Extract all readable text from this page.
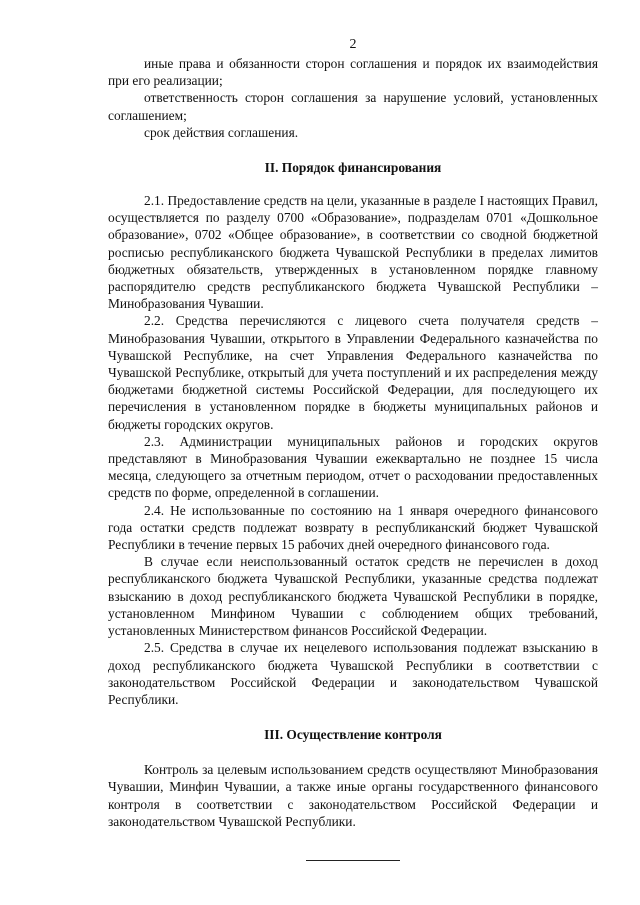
2

иные права и обязанности сторон соглашения и порядок их взаимодействия при его реализации;

ответственность сторон соглашения за нарушение условий, установленных соглашением;

срок действия соглашения.

II. Порядок финансирования

2.1. Предоставление средств на цели, указанные в разделе I настоящих Правил, осуществляется по разделу 0700 «Образование», подразделам 0701 «Дошкольное образование», 0702 «Общее образование», в соответствии со сводной бюджетной росписью республиканского бюджета Чувашской Республики в пределах лимитов бюджетных обязательств, утвержденных в установленном порядке главному распорядителю средств республиканского бюджета Чувашской Республики – Минобразования Чувашии.

2.2. Средства перечисляются с лицевого счета получателя средств – Минобразования Чувашии, открытого в Управлении Федерального казначейства по Чувашской Республике, на счет Управления Федерального казначейства по Чувашской Республике, открытый для учета поступлений и их распределения между бюджетами бюджетной системы Российской Федерации, для последующего их перечисления в установленном порядке в бюджеты муниципальных районов и бюджеты городских округов.

2.3. Администрации муниципальных районов и городских округов представляют в Минобразования Чувашии ежеквартально не позднее 15 числа месяца, следующего за отчетным периодом, отчет о расходовании предоставленных средств по форме, определенной в соглашении.

2.4. Не использованные по состоянию на 1 января очередного финансового года остатки средств подлежат возврату в республиканский бюджет Чувашской Республики в течение первых 15 рабочих дней очередного финансового года.

В случае если неиспользованный остаток средств не перечислен в доход республиканского бюджета Чувашской Республики, указанные средства подлежат взысканию в доход республиканского бюджета Чувашской Республики в порядке, установленном Минфином Чувашии с соблюдением общих требований, установленных Министерством финансов Российской Федерации.

2.5. Средства в случае их нецелевого использования подлежат взысканию в доход республиканского бюджета Чувашской Республики в соответствии с законодательством Российской Федерации и законодательством Чувашской Республики.

III. Осуществление контроля

Контроль за целевым использованием средств осуществляют Минобразования Чувашии, Минфин Чувашии, а также иные органы государственного финансового контроля в соответствии с законодательством Российской Федерации и законодательством Чувашской Республики.
